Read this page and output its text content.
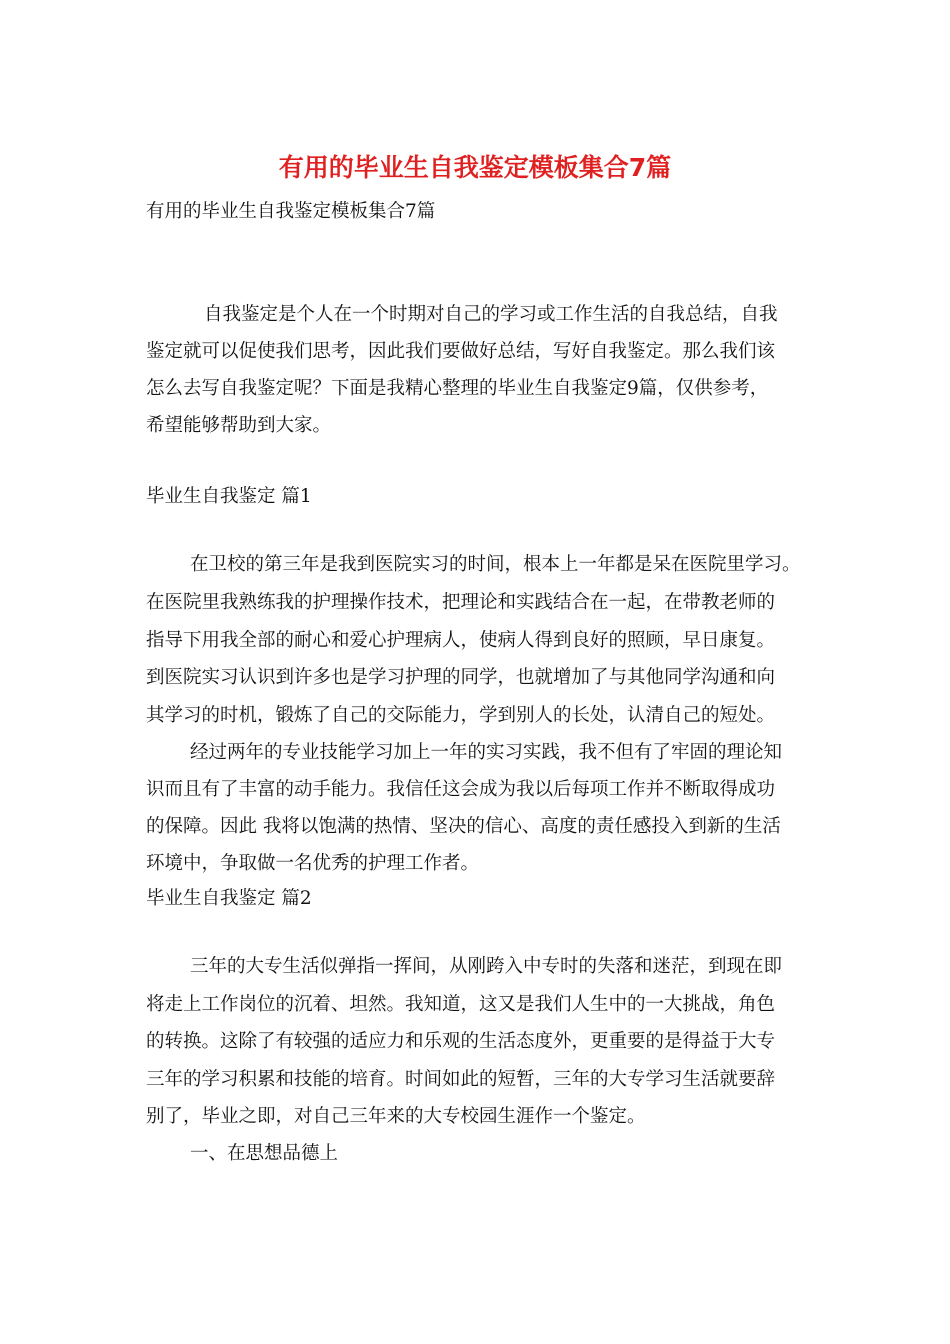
有用的毕业生自我鉴定模板集合7篇
有用的毕业生自我鉴定模板集合7篇
自我鉴定是个人在一个时期对自己的学习或工作生活的自我总结，自我
鉴定就可以促使我们思考，因此我们要做好总结，写好自我鉴定。那么我们该
怎么去写自我鉴定呢？下面是我精心整理的毕业生自我鉴定9篇，仅供参考，
希望能够帮助到大家。
毕业生自我鉴定 篇1
在卫校的第三年是我到医院实习的时间，根本上一年都是呆在医院里学习。
在医院里我熟练我的护理操作技术，把理论和实践结合在一起，在带教老师的
指导下用我全部的耐心和爱心护理病人，使病人得到良好的照顾，早日康复。
到医院实习认识到许多也是学习护理的同学，也就增加了与其他同学沟通和向
其学习的时机，锻炼了自己的交际能力，学到别人的长处，认清自己的短处。
经过两年的专业技能学习加上一年的实习实践，我不但有了牢固的理论知
识而且有了丰富的动手能力。我信任这会成为我以后每项工作并不断取得成功
的保障。因此 我将以饱满的热情、坚决的信心、高度的责任感投入到新的生活
环境中，争取做一名优秀的护理工作者。
毕业生自我鉴定 篇2
三年的大专生活似弹指一挥间，从刚跨入中专时的失落和迷茫，到现在即
将走上工作岗位的沉着、坦然。我知道，这又是我们人生中的一大挑战，角色
的转换。这除了有较强的适应力和乐观的生活态度外，更重要的是得益于大专
三年的学习积累和技能的培育。时间如此的短暂，三年的大专学习生活就要辞
别了，毕业之即，对自己三年来的大专校园生涯作一个鉴定。
一、在思想品德上
